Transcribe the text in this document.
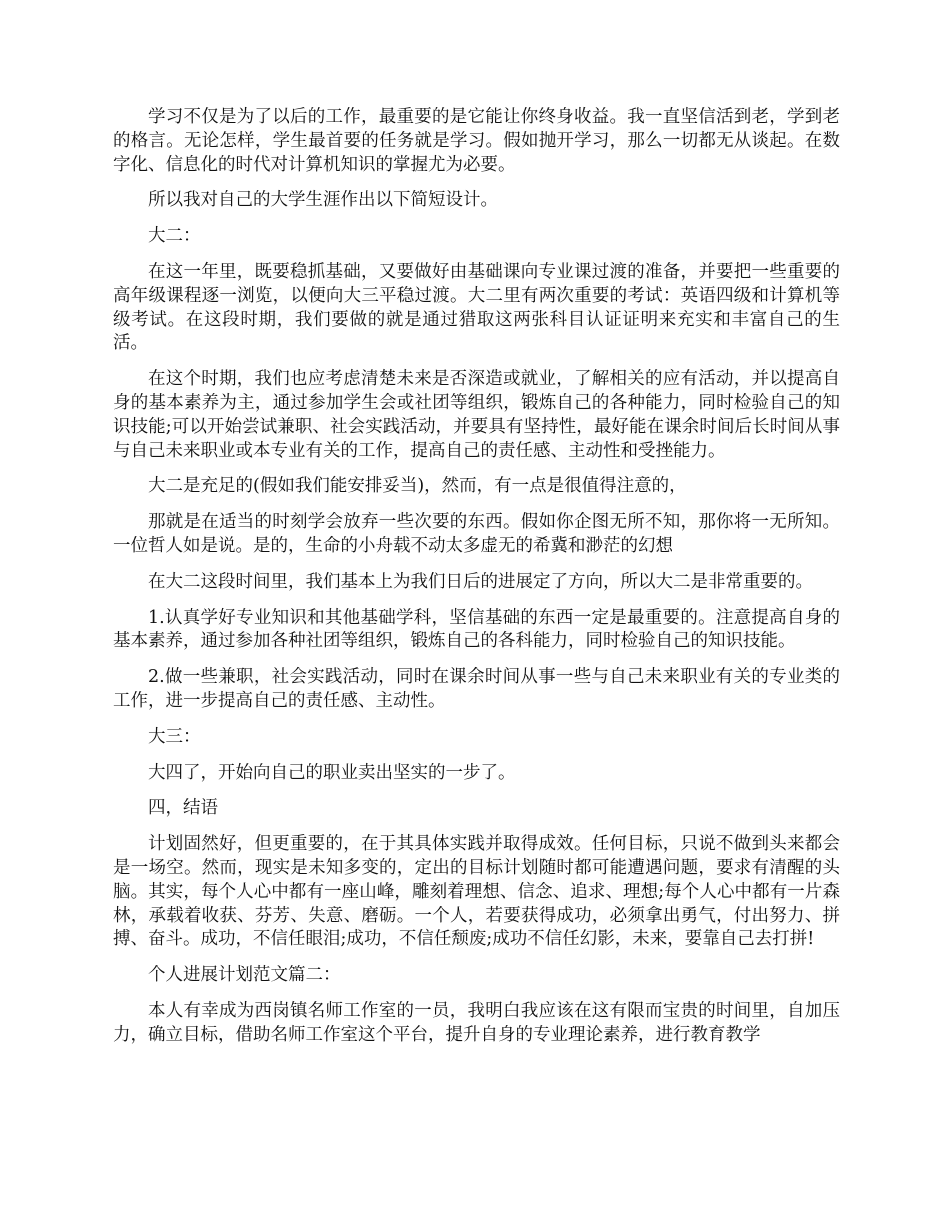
学习不仅是为了以后的工作，最重要的是它能让你终身收益。我一直坚信活到老，学到老的格言。无论怎样，学生最首要的任务就是学习。假如抛开学习，那么一切都无从谈起。在数字化、信息化的时代对计算机知识的掌握尤为必要。

所以我对自己的大学生涯作出以下简短设计。

大二：

在这一年里，既要稳抓基础，又要做好由基础课向专业课过渡的准备，并要把一些重要的高年级课程逐一浏览，以便向大三平稳过渡。大二里有两次重要的考试：英语四级和计算机等级考试。在这段时期，我们要做的就是通过猎取这两张科目认证证明来充实和丰富自己的生活。

在这个时期，我们也应考虑清楚未来是否深造或就业，了解相关的应有活动，并以提高自身的基本素养为主，通过参加学生会或社团等组织，锻炼自己的各种能力，同时检验自己的知识技能;可以开始尝试兼职、社会实践活动，并要具有坚持性，最好能在课余时间后长时间从事与自己未来职业或本专业有关的工作，提高自己的责任感、主动性和受挫能力。

大二是充足的(假如我们能安排妥当)，然而，有一点是很值得注意的，

那就是在适当的时刻学会放弃一些次要的东西。假如你企图无所不知，那你将一无所知。一位哲人如是说。是的，生命的小舟载不动太多虚无的希冀和渺茫的幻想

在大二这段时间里，我们基本上为我们日后的进展定了方向，所以大二是非常重要的。

1.认真学好专业知识和其他基础学科，坚信基础的东西一定是最重要的。注意提高自身的基本素养，通过参加各种社团等组织，锻炼自己的各科能力，同时检验自己的知识技能。

2.做一些兼职，社会实践活动，同时在课余时间从事一些与自己未来职业有关的专业类的工作，进一步提高自己的责任感、主动性。

大三：

大四了，开始向自己的职业卖出坚实的一步了。

四，结语

计划固然好，但更重要的，在于其具体实践并取得成效。任何目标，只说不做到头来都会是一场空。然而，现实是未知多变的，定出的目标计划随时都可能遭遇问题，要求有清醒的头脑。其实，每个人心中都有一座山峰，雕刻着理想、信念、追求、理想;每个人心中都有一片森林，承载着收获、芬芳、失意、磨砺。一个人，若要获得成功，必须拿出勇气，付出努力、拼搏、奋斗。成功，不信任眼泪;成功，不信任颓废;成功不信任幻影，未来，要靠自己去打拼!

个人进展计划范文篇二：

本人有幸成为西岗镇名师工作室的一员，我明白我应该在这有限而宝贵的时间里，自加压力，确立目标，借助名师工作室这个平台，提升自身的专业理论素养，进行教育教学
